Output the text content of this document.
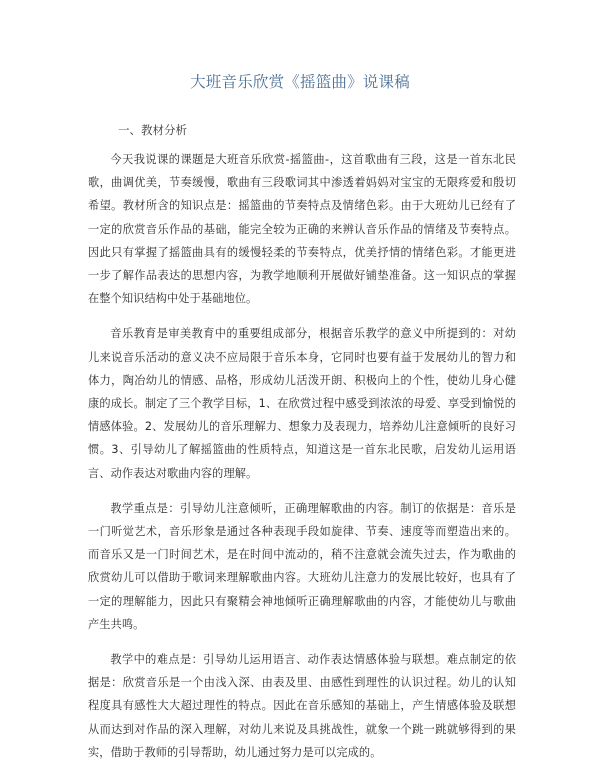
大班音乐欣赏《摇篮曲》说课稿
一、教材分析

今天我说课的课题是大班音乐欣赏-摇篮曲-，这首歌曲有三段，这是一首东北民歌，曲调优美，节奏缓慢，歌曲有三段歌词其中渗透着妈妈对宝宝的无限疼爱和殷切希望。教材所含的知识点是：摇篮曲的节奏特点及情绪色彩。由于大班幼儿已经有了一定的欣赏音乐作品的基础，能完全较为正确的来辨认音乐作品的情绪及节奏特点。因此只有掌握了摇篮曲具有的缓慢轻柔的节奏特点，优美抒情的情绪色彩。才能更进一步了解作品表达的思想内容，为教学地顺利开展做好铺垫准备。这一知识点的掌握在整个知识结构中处于基础地位。

音乐教育是审美教育中的重要组成部分，根据音乐教学的意义中所提到的：对幼儿来说音乐活动的意义决不应局限于音乐本身，它同时也要有益于发展幼儿的智力和体力，陶冶幼儿的情感、品格，形成幼儿活泼开朗、积极向上的个性，使幼儿身心健康的成长。制定了三个教学目标，1、在欣赏过程中感受到浓浓的母爱、享受到愉悦的情感体验。2、发展幼儿的音乐理解力、想象力及表现力，培养幼儿注意倾听的良好习惯。3、引导幼儿了解摇篮曲的性质特点，知道这是一首东北民歌，启发幼儿运用语言、动作表达对歌曲内容的理解。

教学重点是：引导幼儿注意倾听，正确理解歌曲的内容。制订的依据是：音乐是一门听觉艺术，音乐形象是通过各种表现手段如旋律、节奏、速度等而塑造出来的。而音乐又是一门时间艺术，是在时间中流动的，稍不注意就会流失过去，作为歌曲的欣赏幼儿可以借助于歌词来理解歌曲内容。大班幼儿注意力的发展比较好，也具有了一定的理解能力，因此只有聚精会神地倾听正确理解歌曲的内容，才能使幼儿与歌曲产生共鸣。

教学中的难点是：引导幼儿运用语言、动作表达情感体验与联想。难点制定的依据是：欣赏音乐是一个由浅入深、由表及里、由感性到理性的认识过程。幼儿的认知程度具有感性大大超过理性的特点。因此在音乐感知的基础上，产生情感体验及联想从而达到对作品的深入理解，对幼儿来说及具挑战性，就象一个跳一跳就够得到的果实，借助于教师的引导帮助，幼儿通过努力是可以完成的。
